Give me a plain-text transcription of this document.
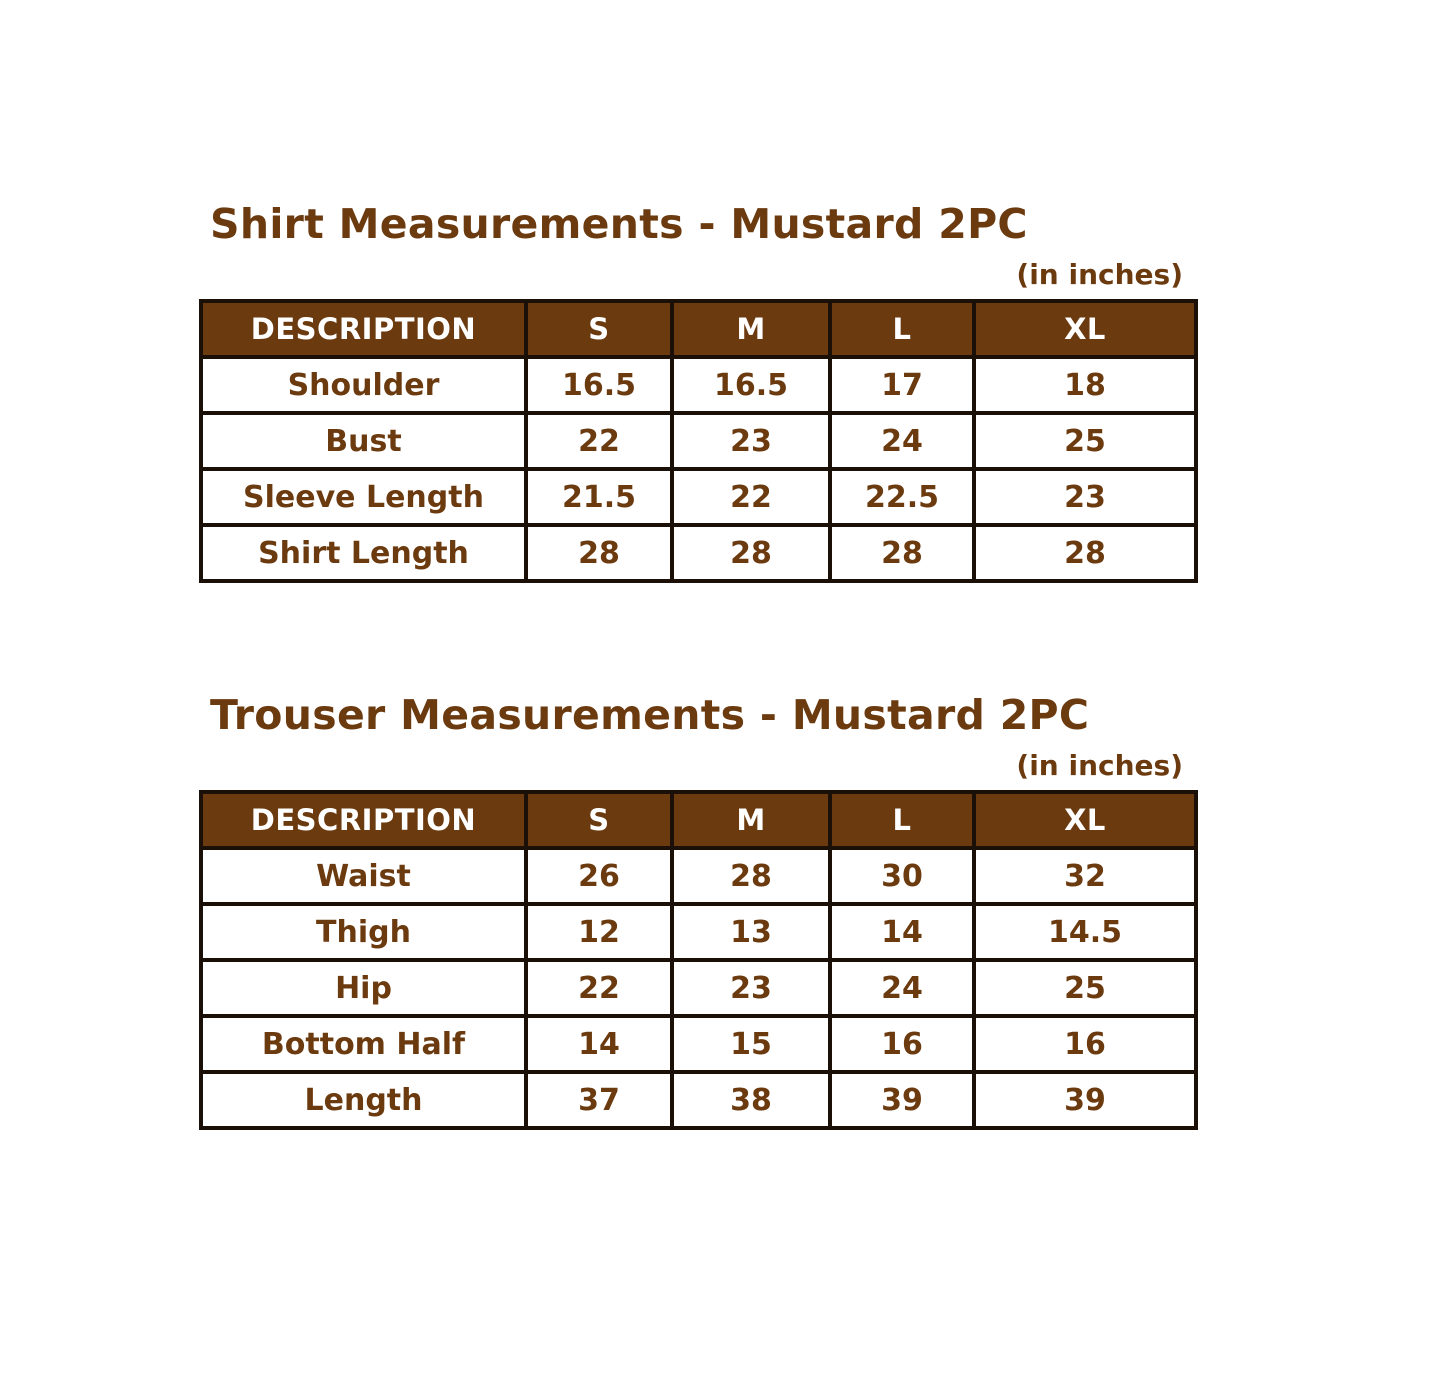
Shirt Measurements - Mustard 2PC
(in inches)
DESCRIPTION	S	M	L	XL
Shoulder	16.5	16.5	17	18
Bust	22	23	24	25
Sleeve Length	21.5	22	22.5	23
Shirt Length	28	28	28	28
Trouser Measurements - Mustard 2PC
(in inches)
DESCRIPTION	S	M	L	XL
Waist	26	28	30	32
Thigh	12	13	14	14.5
Hip	22	23	24	25
Bottom Half	14	15	16	16
Length	37	38	39	39
